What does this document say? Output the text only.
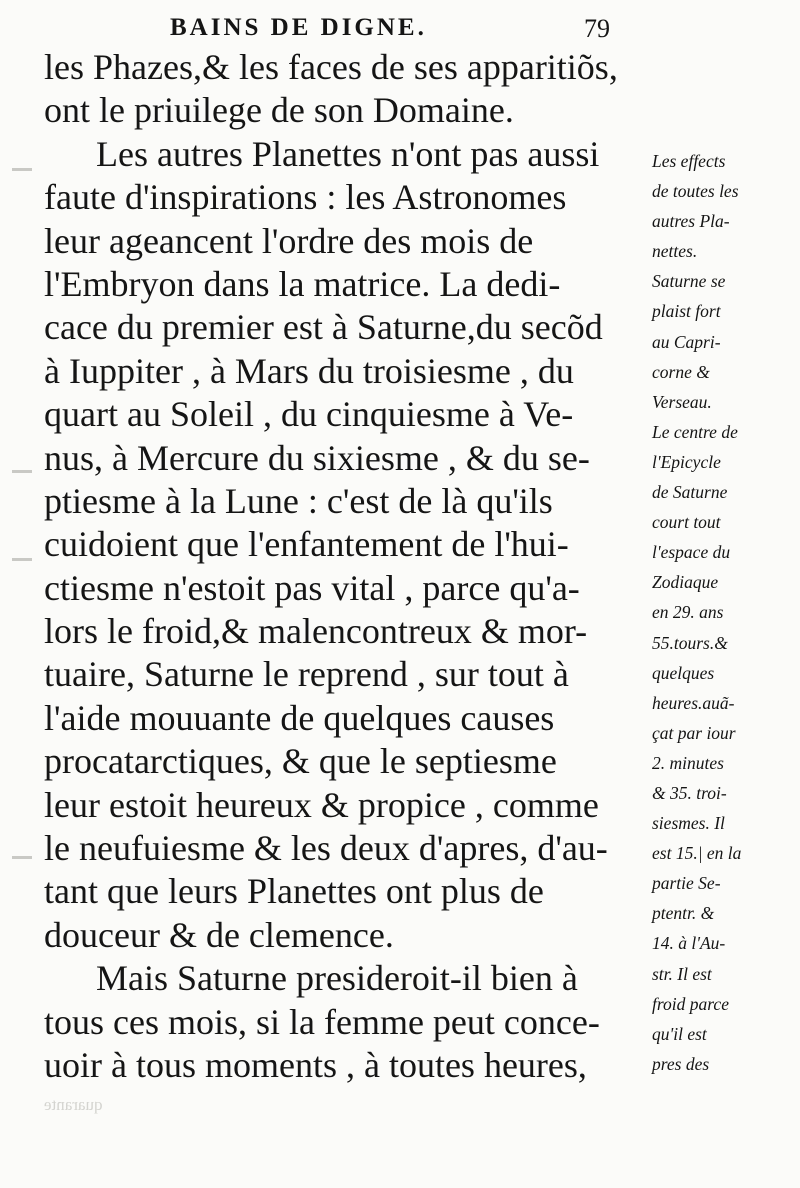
BAINS DE DIGNE.	79
les Phazes,& les faces de ses apparitiõs,
ont le priuilege de son Domaine.
Les autres Planettes n'ont pas aussi
faute d'inspirations : les Astronomes
leur ageancent l'ordre des mois de
l'Embryon dans la matrice. La dedi-
cace du premier est à Saturne,du secõd
à Iuppiter , à Mars du troisiesme , du
quart au Soleil , du cinquiesme à Ve-
nus, à Mercure du sixiesme , & du se-
ptiesme à la Lune : c'est de là qu'ils
cuidoient que l'enfantement de l'hui-
ctiesme n'estoit pas vital , parce qu'a-
lors le froid,& malencontreux & mor-
tuaire, Saturne le reprend , sur tout à
l'aide mouuante de quelques causes
procatarctiques, & que le septiesme
leur estoit heureux & propice , comme
le neufuiesme & les deux d'apres, d'au-
tant que leurs Planettes ont plus de
douceur & de clemence.
Mais Saturne presideroit-il bien à
tous ces mois, si la femme peut conce-
uoir à tous moments , à toutes heures,
Les effects
de toutes les
autres Pla-
nettes.
Saturne se
plaist fort
au Capri-
corne &
Verseau.
Le centre de
l'Epicycle
de Saturne
court tout
l'espace du
Zodiaque
en 29. ans
55.tours.&
quelques
heures.auã-
çat par iour
2. minutes
& 35. troi-
siesmes. Il
est 15.| en la
partie Se-
ptentr. &
14. à l'Au-
str. Il est
froid parce
qu'il est
pres des
quarante
